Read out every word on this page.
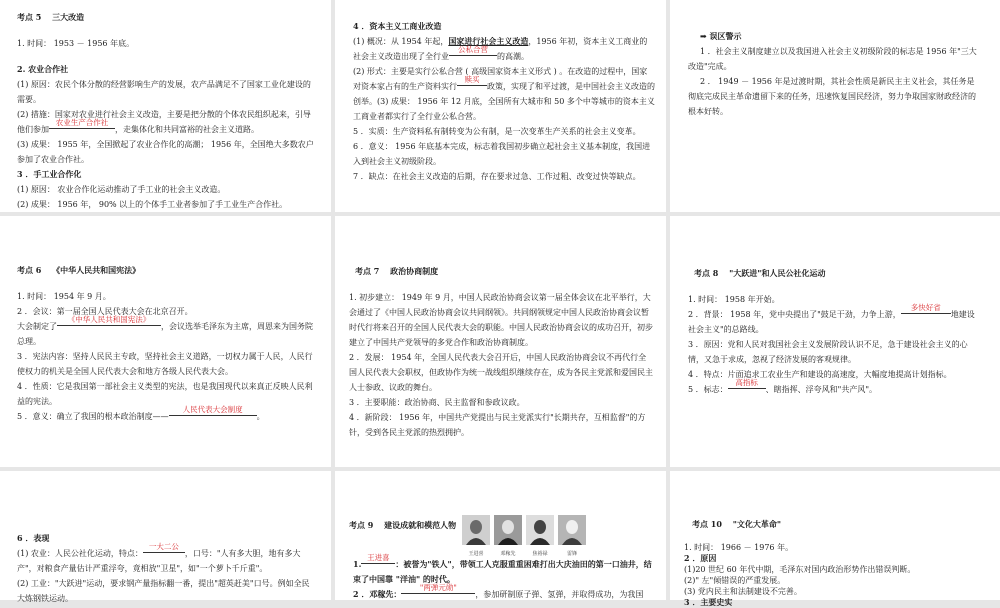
考点 5　 三大改造

1. 时间： 1953 － 1956 年底。

2. 农业合作社

(1) 原因：农民个体分散的经营影响生产的发展，农产品满足不了国家工业化建设的需要。

(2) 措施：国家对农业进行社会主义改造，主要是把分散的个体农民组织起来，引导他们参加农业生产合作社，走集体化和共同富裕的社会主义道路。

(3) 成果： 1955 年，全国掀起了农业合作化的高潮； 1956 年，全国绝大多数农户参加了农业合作社。

3 ．手工业合作化

(1) 原因： 农业合作化运动推动了手工业的社会主义改造。

(2) 成果： 1956 年， 90% 以上的个体手工业者参加了手工业生产合作社。

4 ．资本主义工商业改造

(1) 概况：从 1954 年起，国家进行社会主义改造，1956 年初，资本主义工商业的社会主义改造出现了全行业公私合营的高潮。

(2) 形式：主要是实行公私合营 ( 高级国家资本主义形式 ) 。在改造的过程中，国家对资本家占有的生产资料实行赎买政策，实现了和平过渡，是中国社会主义改造的创举。(3) 成果： 1956 年 12 月底，全国所有大城市和 50 多个中等城市的资本主义工商业者都实行了全行业公私合营。

5 ．实质：生产资料私有制转变为公有制，是一次变革生产关系的社会主义变革。

6 ．意义： 1956 年底基本完成，标志着我国初步确立起社会主义基本制度，我国进入到社会主义初级阶段。

7 ．缺点：在社会主义改造的后期，存在要求过急、工作过粗、改变过快等缺点。

➡ 误区警示

1 ．社会主义制度建立以及我国进入社会主义初级阶段的标志是 1956 年"三大改造"完成。

2 ． 1949 － 1956 年是过渡时期，其社会性质是新民主主义社会，其任务是彻底完成民主革命遗留下来的任务，迅速恢复国民经济，努力争取国家财政经济的根本好转。

考点 6　 《中华人民共和国宪法》

1. 时间： 1954 年 9 月。

2 ．会议：第一届全国人民代表大会在北京召开。

大会制定了《中华人民共和国宪法》，会议选举毛泽东为主席，周恩来为国务院总理。

3 ．宪法内容：坚持人民民主专政，坚持社会主义道路，一切权力属于人民，人民行使权力的机关是全国人民代表大会和地方各级人民代表大会。

4 ．性质：它是我国第一部社会主义类型的宪法，也是我国现代以来真正反映人民利益的宪法。

5 ．意义：确立了我国的根本政治制度——人民代表大会制度。

考点 7　 政治协商制度

1. 初步建立： 1949 年 9 月，中国人民政治协商会议第一届全体会议在北平举行，大会通过了《中国人民政治协商会议共同纲领》。共同纲领规定中国人民政治协商会议暂时代行将来召开的全国人民代表大会的职能。中国人民政治协商会议的成功召开，初步建立了中国共产党领导的多党合作和政治协商制度。

2 ．发展： 1954 年，全国人民代表大会召开后，中国人民政治协商会议不再代行全国人民代表大会职权，但政协作为统一战线组织继续存在，成为各民主党派和爱国民主人士参政、议政的舞台。

3 ．主要职能：政治协商、民主监督和参政议政。

4 ．新阶段： 1956 年，中国共产党提出与民主党派实行"长期共存，互相监督"的方针，受到各民主党派的热烈拥护。

考点 8　 "大跃进"和人民公社化运动

1. 时间： 1958 年开始。

2 ．背景： 1958 年，党中央提出了"鼓足干劲，力争上游，多快好省地建设社会主义"的总路线。

3 ．原因：党和人民对我国社会主义发展阶段认识不足，急于建设社会主义的心情，又急于求成，忽视了经济发展的客观规律。

4 ．特点：片面追求工农业生产和建设的高速度，大幅度地提高计划指标。

5 ．标志：高指标、瞎指挥、浮夸风和"共产风"。

6 ．表现

(1) 农业：人民公社化运动，特点：一大二公，口号："人有多大胆，地有多大产"，对粮食产量估计严重浮夸，竟相放"卫星"，如"一个萝卜千斤重"。

(2) 工业："大跃进"运动，要求钢产量指标翻一番，提出"超英赶美"口号。例如全民大炼钢铁运动。

考点 9　 建设成就和模范人物

王进喜	邓稼先	焦裕禄	雷锋

1.王进喜：被誉为"铁人"，带领工人克服重重困难打出大庆油田的第一口油井，结束了中国靠 "洋油" 的时代。

2 ．邓稼先："两弹元勋"，参加研制原子弹、氢弹，并取得成功，为我国

考点 10　 "文化大革命"

1. 时间： 1966 － 1976 年。

2 ．原因

(1)20 世纪 60 年代中期，毛泽东对国内政治形势作出错误判断。

(2)" 左"倾错误的严重发展。

(3) 党内民主和法制建设不完善。

3 ．主要史实
